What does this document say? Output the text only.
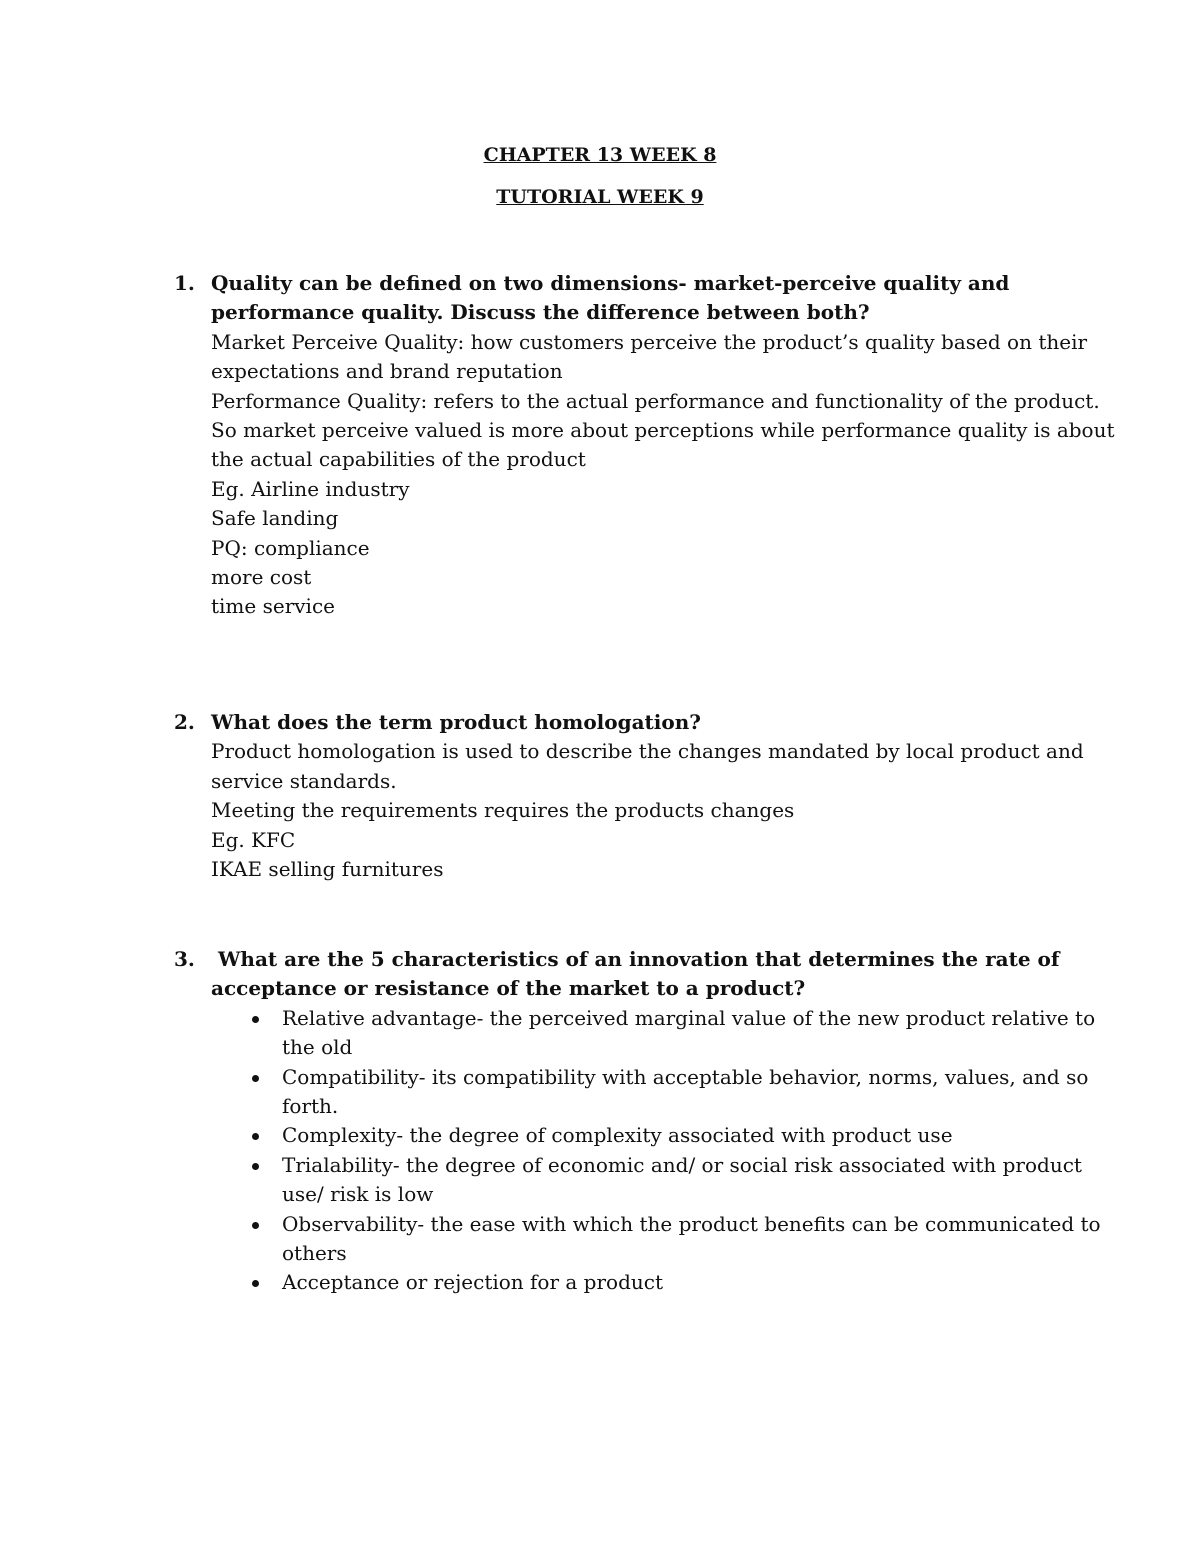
CHAPTER 13 WEEK 8
TUTORIAL WEEK 9
1. Quality can be defined on two dimensions- market-perceive quality and
performance quality. Discuss the difference between both?
Market Perceive Quality: how customers perceive the product’s quality based on their
expectations and brand reputation
Performance Quality: refers to the actual performance and functionality of the product.
So market perceive valued is more about perceptions while performance quality is about
the actual capabilities of the product
Eg. Airline industry
Safe landing
PQ: compliance
more cost
time service
2. What does the term product homologation?
Product homologation is used to describe the changes mandated by local product and
service standards.
Meeting the requirements requires the products changes
Eg. KFC
IKAE selling furnitures
3. What are the 5 characteristics of an innovation that determines the rate of
acceptance or resistance of the market to a product?
Relative advantage- the perceived marginal value of the new product relative to
the old
Compatibility- its compatibility with acceptable behavior, norms, values, and so
forth.
Complexity- the degree of complexity associated with product use
Trialability- the degree of economic and/ or social risk associated with product
use/ risk is low
Observability- the ease with which the product benefits can be communicated to
others
Acceptance or rejection for a product
